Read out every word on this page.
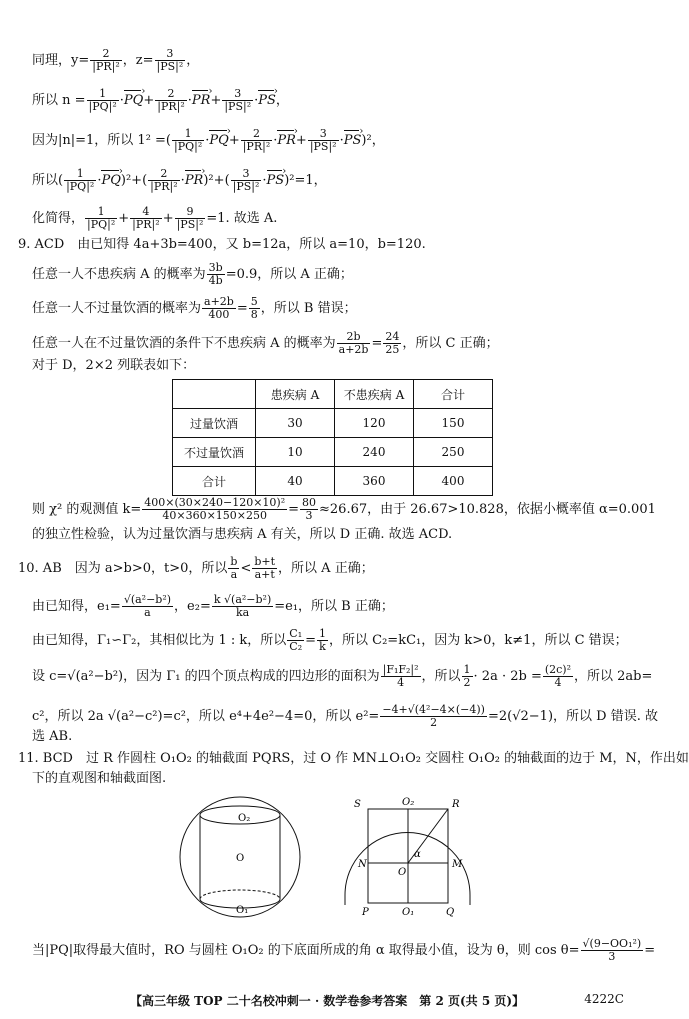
同理，$y= \frac{2}{\text{|PR|²}}$ ，$z= \frac{3}{\text{|PS|²}}$ ，
所以 $n = \frac{1}{\text{|PQ|²}} \cdot PQ$ ›+ $\frac{2}{\text{|PR|²}} \cdot PR$ ›+ $\frac{3}{\text{|PS|²}} \cdot PS$ ›，
因为|n|=1，所以 1² =( $\frac{1}{\text{|PQ|²}} \cdot PQ$ ›+ $\frac{2}{\text{|PR|²}} \cdot PR$ ›+ $\frac{3}{\text{|PS|²}} \cdot PS$ ›)²，
所以( $\frac{1}{\text{|PQ|²}} \cdot PQ$ ›)²+( $\frac{2}{\text{|PR|²}} \cdot PR$ ›)²+( $\frac{3}{\text{|PS|²}} \cdot PS$ ›)²=1，
化简得， $\frac{1}{\text{|PQ|²}} + \frac{4}{\text{|PR|²}} + \frac{9}{\text{|PS|²}} =1$. 故选 A.
9. ACD　由已知得 4a+3b=400，又 b=12a，所以 a=10，b=120.
任意一人不患疾病 A 的概率为 $\frac{3b}{4b} =0.9$，所以 A 正确；
任意一人不过量饮酒的概率为 $\frac{a+2b}{400} = \frac{5}{8}$ ，所以 B 错误；
任意一人在不过量饮酒的条件下不患疾病 A 的概率为 $\frac{2b}{a+2b} = \frac{24}{25}$ ，所以 C 正确；
对于 D，2×2 列联表如下：
	患疾病 A	不患疾病 A	合计
过量饮酒	30	120	150
不过量饮酒	10	240	250
合计	40	360	400
则 χ² 的观测值 $k= \frac{\text{400×(30×240−120×10)²}}{40\times 360\times 150\times 250} = \frac{80}{3} \approx 26.67$，由于 26.67>10.828，依据小概率值 α=0.001
的独立性检验，认为过量饮酒与患疾病 A 有关，所以 D 正确. 故选 ACD.
10. AB　因为 a>b>0，t>0，所以 $\frac{b}{a} < \frac{b+t}{a+t}$ ，所以 A 正确；
由已知得，$e_1= \frac{\text{√(a²−b²)}}{a}$ ，$e_2= \frac{\text{k √(a²−b²)}}{ka} =e_1$，所以 B 正确；
由已知得，Γ₁∽Γ₂，其相似比为 1 : k，所以 $\frac{\text{C₁}}{\text{C₂}} = \frac{1}{k}$ ，所以 C₂=kC₁，因为 k>0，k≠1，所以 C 错误；
设 c=√(a²−b²)，因为 Γ₁ 的四个顶点构成的四边形的面积为 $\frac{\text{|F₁F₂|²}}{4}$ ，所以 $\frac{1}{2} \cdot 2a \cdot 2b = \frac{\text{(2c)²}}{4}$ ，所以 2ab=
c²，所以 2a √(a²−c²)=c²，所以 e⁴+4e²−4=0，所以 $e^2= \frac{\text{−4+√(4²−4×(−4))}}{2} =2(√2-1)$，所以 D 错误. 故
选 AB.
11. BCD　过 R 作圆柱 O₁O₂ 的轴截面 PQRS，过 O 作 MN⊥O₁O₂ 交圆柱 O₁O₂ 的轴截面的边于 M，N，作出如
下的直观图和轴截面图.
O₂
O
O₁
S	O₂	R
N
α
M
O
P	O₁	Q
当|PQ|取得最大值时，RO 与圆柱 O₁O₂ 的下底面所成的角 α 取得最小值，设为 θ，则 $\cos \theta= \frac{\text{√(9−OO₁²)}}{3}$ =
【高三年级 TOP 二十名校冲刺一 · 数学卷参考答案　第 2 页(共 5 页)】	4222C
